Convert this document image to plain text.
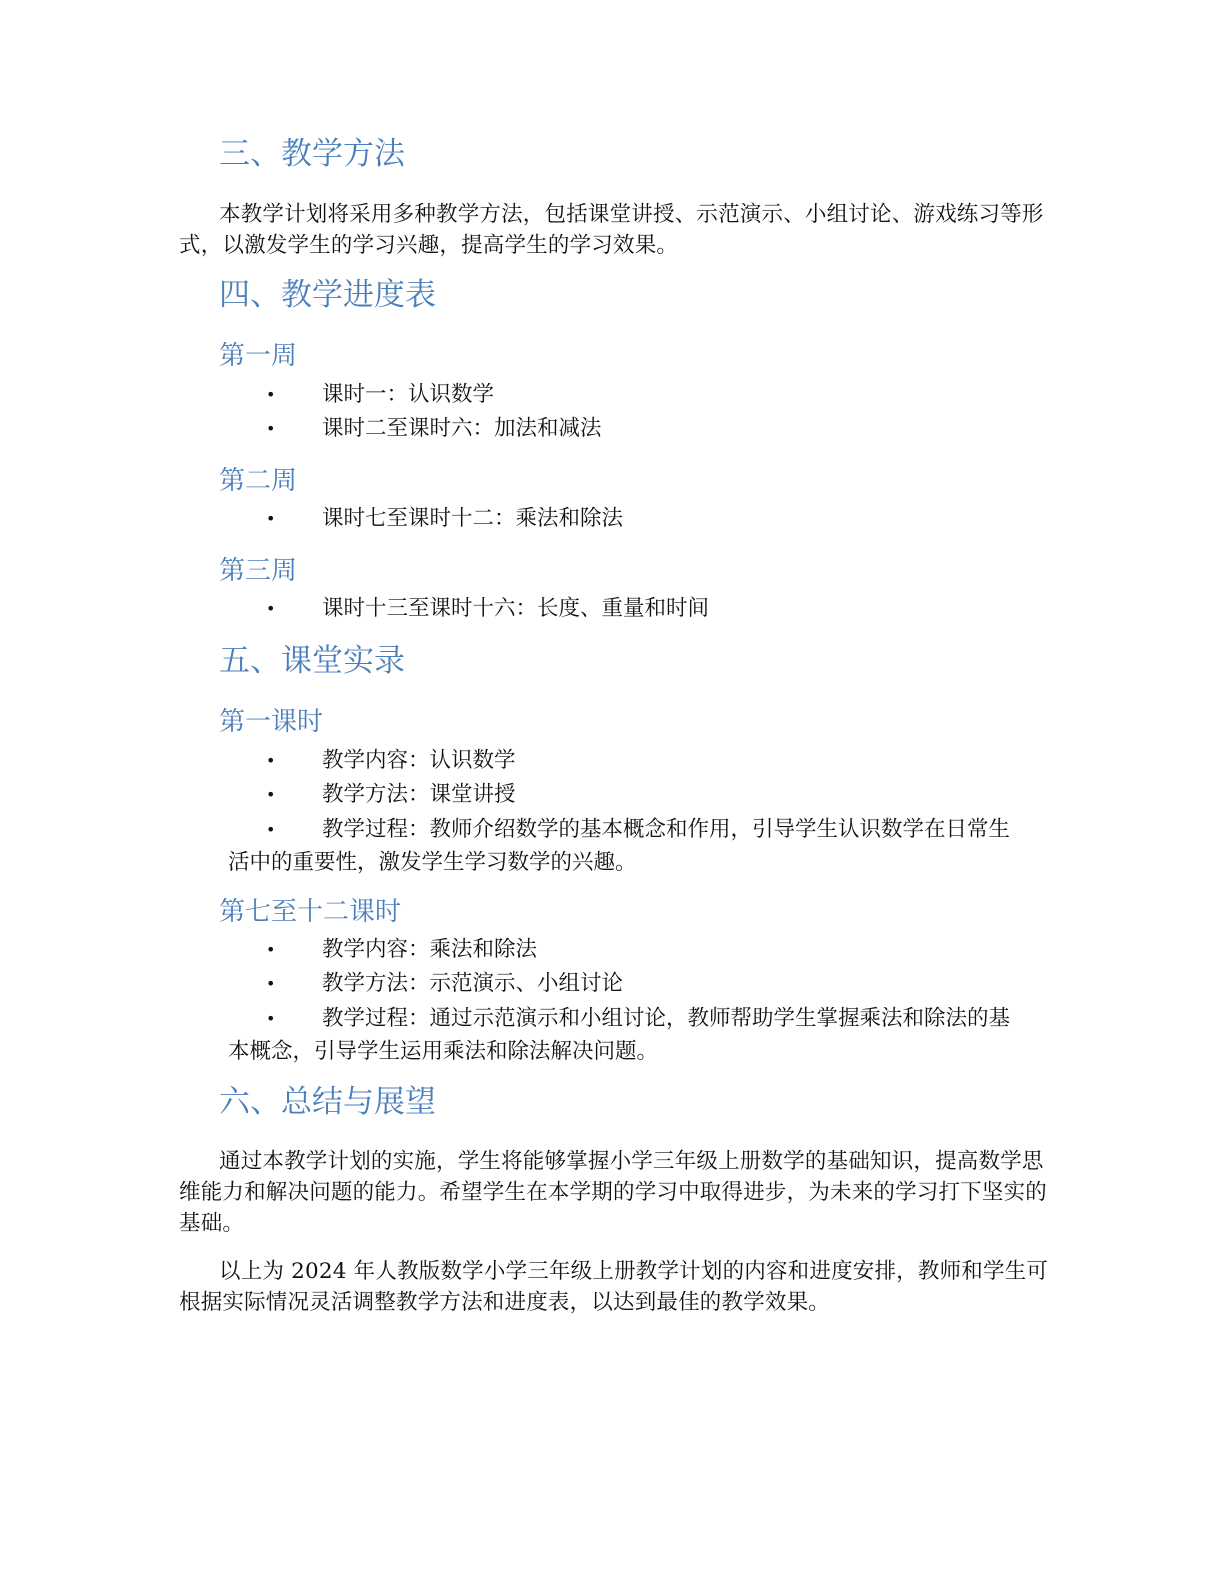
三、教学方法

本教学计划将采用多种教学方法，包括课堂讲授、示范演示、小组讨论、游戏练习等形式，以激发学生的学习兴趣，提高学生的学习效果。

四、教学进度表
第一周
• 课时一：认识数学
• 课时二至课时六：加法和减法
第二周
• 课时七至课时十二：乘法和除法
第三周
• 课时十三至课时十六：长度、重量和时间
五、课堂实录
第一课时
• 教学内容：认识数学
• 教学方法：课堂讲授

• 教学过程：教师介绍数学的基本概念和作用，引导学生认识数学在日常生活中的重要性，激发学生学习数学的兴趣。

第七至十二课时
• 教学内容：乘法和除法
• 教学方法：示范演示、小组讨论

• 教学过程：通过示范演示和小组讨论，教师帮助学生掌握乘法和除法的基本概念，引导学生运用乘法和除法解决问题。

六、总结与展望

通过本教学计划的实施，学生将能够掌握小学三年级上册数学的基础知识，提高数学思维能力和解决问题的能力。希望学生在本学期的学习中取得进步，为未来的学习打下坚实的基础。

以上为 2024 年人教版数学小学三年级上册教学计划的内容和进度安排，教师和学生可根据实际情况灵活调整教学方法和进度表，以达到最佳的教学效果。
